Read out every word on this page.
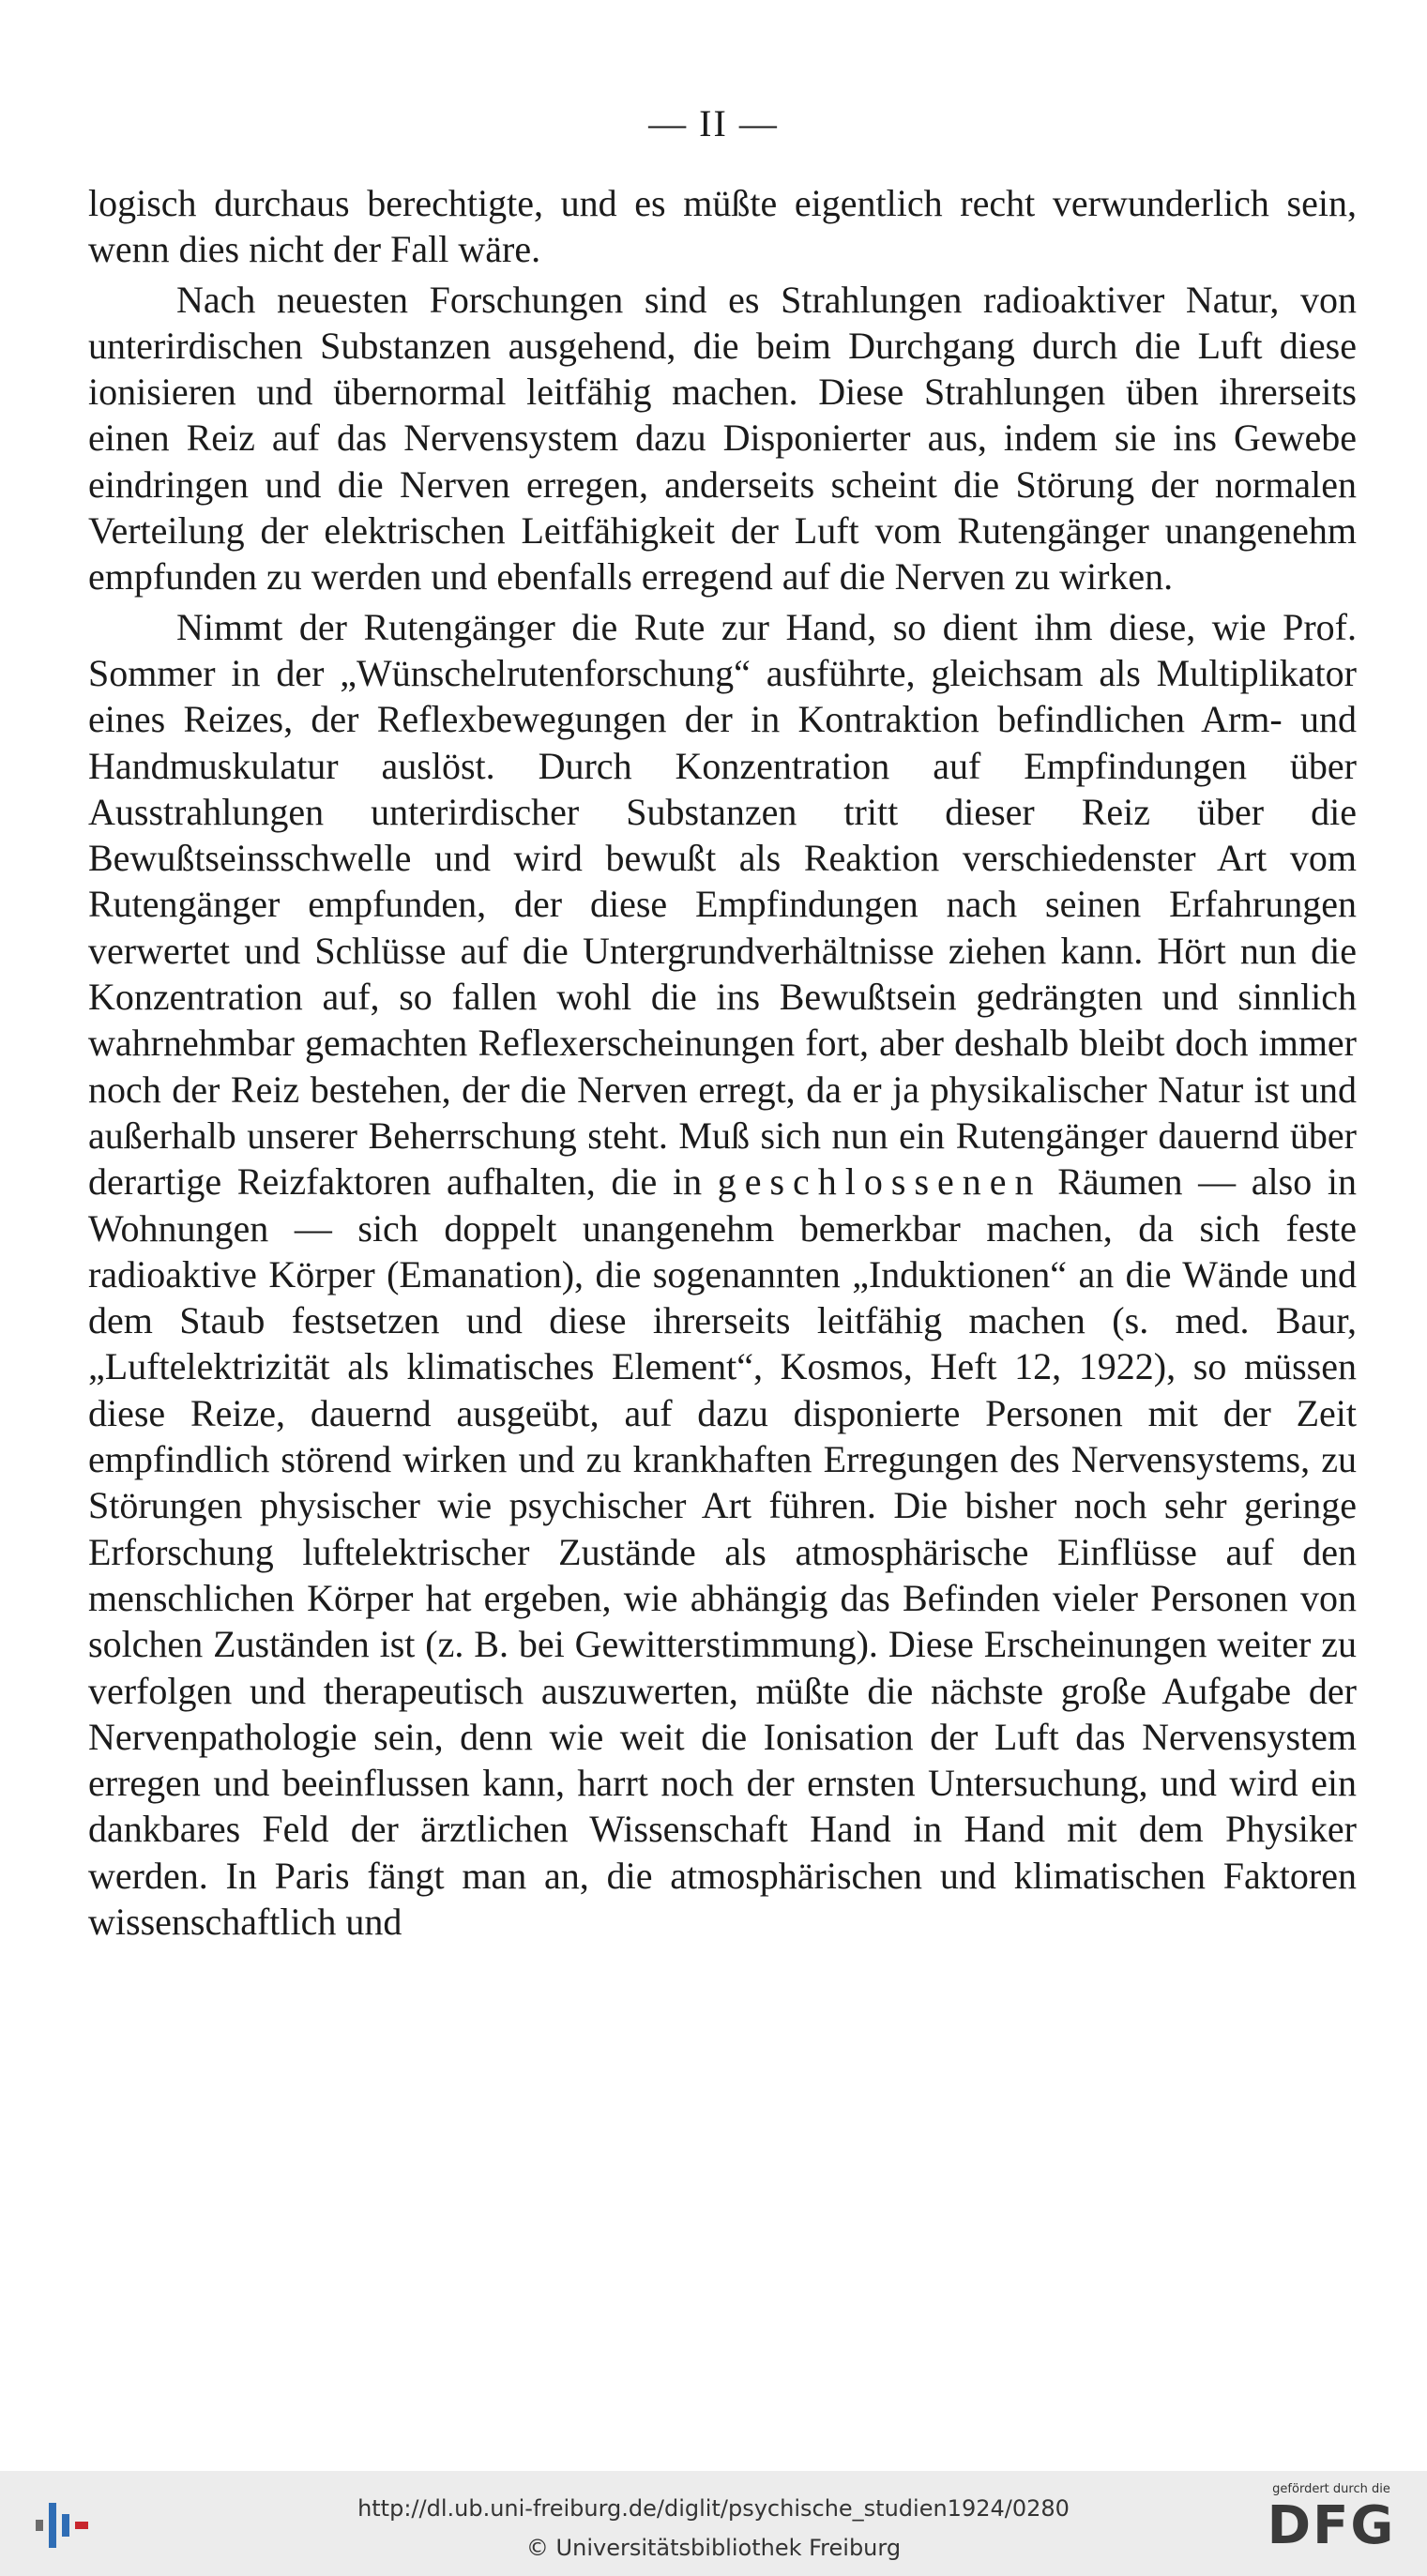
— II —

logisch durchaus berechtigte, und es müßte eigentlich recht verwunderlich sein, wenn dies nicht der Fall wäre.

Nach neuesten Forschungen sind es Strahlungen radioaktiver Natur, von unterirdischen Substanzen ausgehend, die beim Durchgang durch die Luft diese ionisieren und übernormal leitfähig machen. Diese Strahlungen üben ihrerseits einen Reiz auf das Nervensystem dazu Disponierter aus, indem sie ins Gewebe eindringen und die Nerven erregen, anderseits scheint die Störung der normalen Verteilung der elektrischen Leitfähigkeit der Luft vom Rutengänger unangenehm empfunden zu werden und ebenfalls erregend auf die Nerven zu wirken.

Nimmt der Rutengänger die Rute zur Hand, so dient ihm diese, wie Prof. Sommer in der „Wünschelrutenforschung“ ausführte, gleichsam als Multiplikator eines Reizes, der Reflexbewegungen der in Kontraktion befindlichen Arm- und Handmuskulatur auslöst. Durch Konzentration auf Empfindungen über Ausstrahlungen unterirdischer Substanzen tritt dieser Reiz über die Bewußtseinsschwelle und wird bewußt als Reaktion verschiedenster Art vom Rutengänger empfunden, der diese Empfindungen nach seinen Erfahrungen verwertet und Schlüsse auf die Untergrundverhältnisse ziehen kann. Hört nun die Konzentration auf, so fallen wohl die ins Bewußtsein gedrängten und sinnlich wahrnehmbar gemachten Reflexerscheinungen fort, aber deshalb bleibt doch immer noch der Reiz bestehen, der die Nerven erregt, da er ja physikalischer Natur ist und außerhalb unserer Beherrschung steht. Muß sich nun ein Rutengänger dauernd über derartige Reizfaktoren aufhalten, die in geschlossenen Räumen — also in Wohnungen — sich doppelt unangenehm bemerkbar machen, da sich feste radioaktive Körper (Emanation), die sogenannten „Induktionen“ an die Wände und dem Staub festsetzen und diese ihrerseits leitfähig machen (s. med. Baur, „Luftelektrizität als klimatisches Element“, Kosmos, Heft 12, 1922), so müssen diese Reize, dauernd ausgeübt, auf dazu disponierte Personen mit der Zeit empfindlich störend wirken und zu krankhaften Erregungen des Nervensystems, zu Störungen physischer wie psychischer Art führen. Die bisher noch sehr geringe Erforschung luftelektrischer Zustände als atmosphärische Einflüsse auf den menschlichen Körper hat ergeben, wie abhängig das Befinden vieler Personen von solchen Zuständen ist (z. B. bei Gewitterstimmung). Diese Erscheinungen weiter zu verfolgen und therapeutisch auszuwerten, müßte die nächste große Aufgabe der Nervenpathologie sein, denn wie weit die Ionisation der Luft das Nervensystem erregen und beeinflussen kann, harrt noch der ernsten Untersuchung, und wird ein dankbares Feld der ärztlichen Wissenschaft Hand in Hand mit dem Physiker werden. In Paris fängt man an, die atmosphärischen und klimatischen Faktoren wissenschaftlich und

http://dl.ub.uni-freiburg.de/diglit/psychische_studien1924/0280
© Universitätsbibliothek Freiburg
gefördert durch die
DFG
